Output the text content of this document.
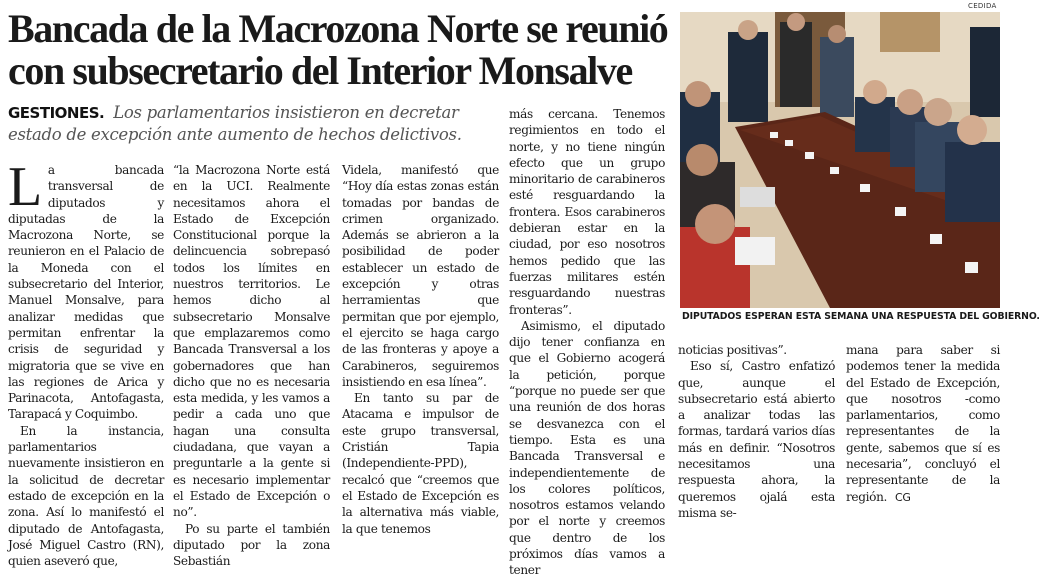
Bancada de la Macrozona Norte se reunió con subsecretario del Interior Monsalve
GESTIONES. Los parlamentarios insistieron en decretar estado de excepción ante aumento de hechos delictivos.

La bancada transversal de diputados y diputadas de la Macrozona Norte, se reunieron en el Palacio de la Moneda con el subsecretario del Interior, Manuel Monsalve, para analizar medidas que permitan enfrentar la crisis de seguridad y migratoria que se vive en las regiones de Arica y Parinacota, Antofagasta, Tarapacá y Coquimbo.

En la instancia, parlamentarios nuevamente insistieron en la solicitud de decretar estado de excepción en la zona. Así lo manifestó el diputado de Antofagasta, José Miguel Castro (RN), quien aseveró que,

“la Macrozona Norte está en la UCI. Realmente necesitamos ahora el Estado de Excepción Constitucional porque la delincuencia sobrepasó todos los límites en nuestros territorios. Le hemos dicho al subsecretario Monsalve que emplazaremos como Bancada Transversal a los gobernadores que han dicho que no es necesaria esta medida, y les vamos a pedir a cada uno que hagan una consulta ciudadana, que vayan a preguntarle a la gente si es necesario implementar el Estado de Excepción o no”.

Po su parte el también diputado por la zona Sebastián

Videla, manifestó que “Hoy día estas zonas están tomadas por bandas de crimen organizado. Además se abrieron a la posibilidad de poder establecer un estado de excepción y otras herramientas que permitan que por ejemplo, el ejercito se haga cargo de las fronteras y apoye a Carabineros, seguiremos insistiendo en esa línea”.

En tanto su par de Atacama e impulsor de este grupo transversal, Cristián Tapia (Independiente-PPD), recalcó que “creemos que el Estado de Excepción es la alternativa más viable, la que tenemos

más cercana. Tenemos regimientos en todo el norte, y no tiene ningún efecto que un grupo minoritario de carabineros esté resguardando la frontera. Esos carabineros debieran estar en la ciudad, por eso nosotros hemos pedido que las fuerzas militares estén resguardando nuestras fronteras”.

Asimismo, el diputado dijo tener confianza en que el Gobierno acogerá la petición, porque “porque no puede ser que una reunión de dos horas se desvanezca con el tiempo. Esta es una Bancada Transversal e independientemente de los colores políticos, nosotros estamos velando por el norte y creemos que dentro de los próximos días vamos a tener

noticias positivas”.

Eso sí, Castro enfatizó que, aunque el subsecretario está abierto a analizar todas las formas, tardará varios días más en definir. “Nosotros necesitamos una respuesta ahora, la queremos ojalá esta misma se-

mana para saber si podemos tener la medida del Estado de Excepción, que nosotros -como parlamentarios, como representantes de la gente, sabemos que sí es necesaria”, concluyó el representante de la región. CG

CEDIDA
DIPUTADOS ESPERAN ESTA SEMANA UNA RESPUESTA DEL GOBIERNO.
